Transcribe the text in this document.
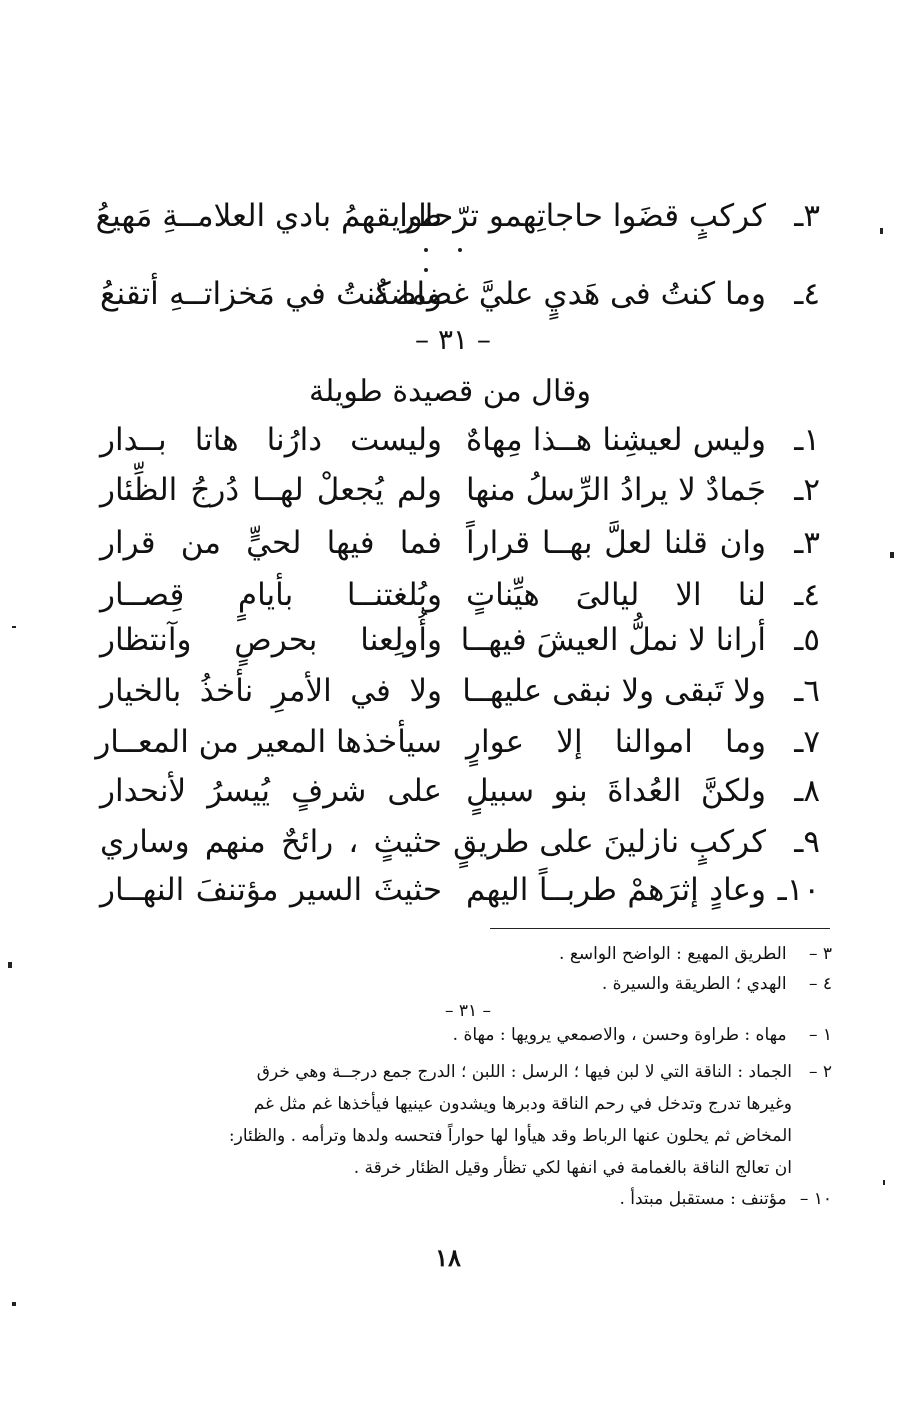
٣ـ
كركبٍ قضَوا حاجاتِهمو ترّحلوا
طريقهمُ بادي العلامــةِ مَهيعُ
٤ـ
وما كنتُ فى هَديٍ عليَّ غضاضةٌ
وما كنتُ في مَخزاتــهِ أتقنعُ
– ٣١ –
وقال من قصيدة طويلة
١ـ
وليس لعيشِنا هــذا مِهاهٌ
وليست دارُنا هاتا بــدار
٢ـ
جَمادٌ لا يرادُ الرِّسلُ منها
ولم يُجعلْ لهــا دُرجُ الظِّئار
٣ـ
وان قلنا لعلَّ بهــا قراراً
فما فيها لحيٍّ من قرار
٤ـ
لنا الا ليالىَ هيِّناتٍ
وبُلغتنــا بأيامٍ قِصــار
٥ـ
أرانا لا نملُّ العيشَ فيهــا
وأُولِعنا بحرصٍ وآنتظار
٦ـ
ولا تَبقى ولا نبقى عليهــا
ولا في الأمرِ نأخذُ بالخيار
٧ـ
وما اموالنا إلا عوارٍ
سيأخذها المعير من المعــار
٨ـ
ولكنَّ العُداةَ بنو سبيلٍ
على شرفٍ يُيسرُ لأنحدار
٩ـ
كركبٍ نازلينَ على طريقٍ
حثيثٍ ، رائحٌ منهم وساري
١٠ـ
وعادٍ إثرَهمْ طربــاً اليهم
حثيثَ السير مؤتنفَ النهــار
٣ – الطريق المهيع : الواضح الواسع .
٤ – الهدي ؛ الطريقة والسيرة .
– ٣١ –
١ – مهاه : طراوة وحسن ، والاصمعي يرويها : مهاة .
٢ –الجماد : الناقة التي لا لبن فيها ؛ الرسل : اللبن ؛ الدرج جمع درجــة وهي خرق
وغيرها تدرج وتدخل في رحم الناقة ودبرها ويشدون عينيها فيأخذها غم مثل غم
المخاض ثم يحلون عنها الرباط وقد هيأوا لها حواراً فتحسه ولدها وترأمه . والظئار:
ان تعالج الناقة بالغمامة في انفها لكي تظأر وقيل الظئار خرقة .
١٠ – مؤتنف : مستقبل مبتدأ .
١٨
